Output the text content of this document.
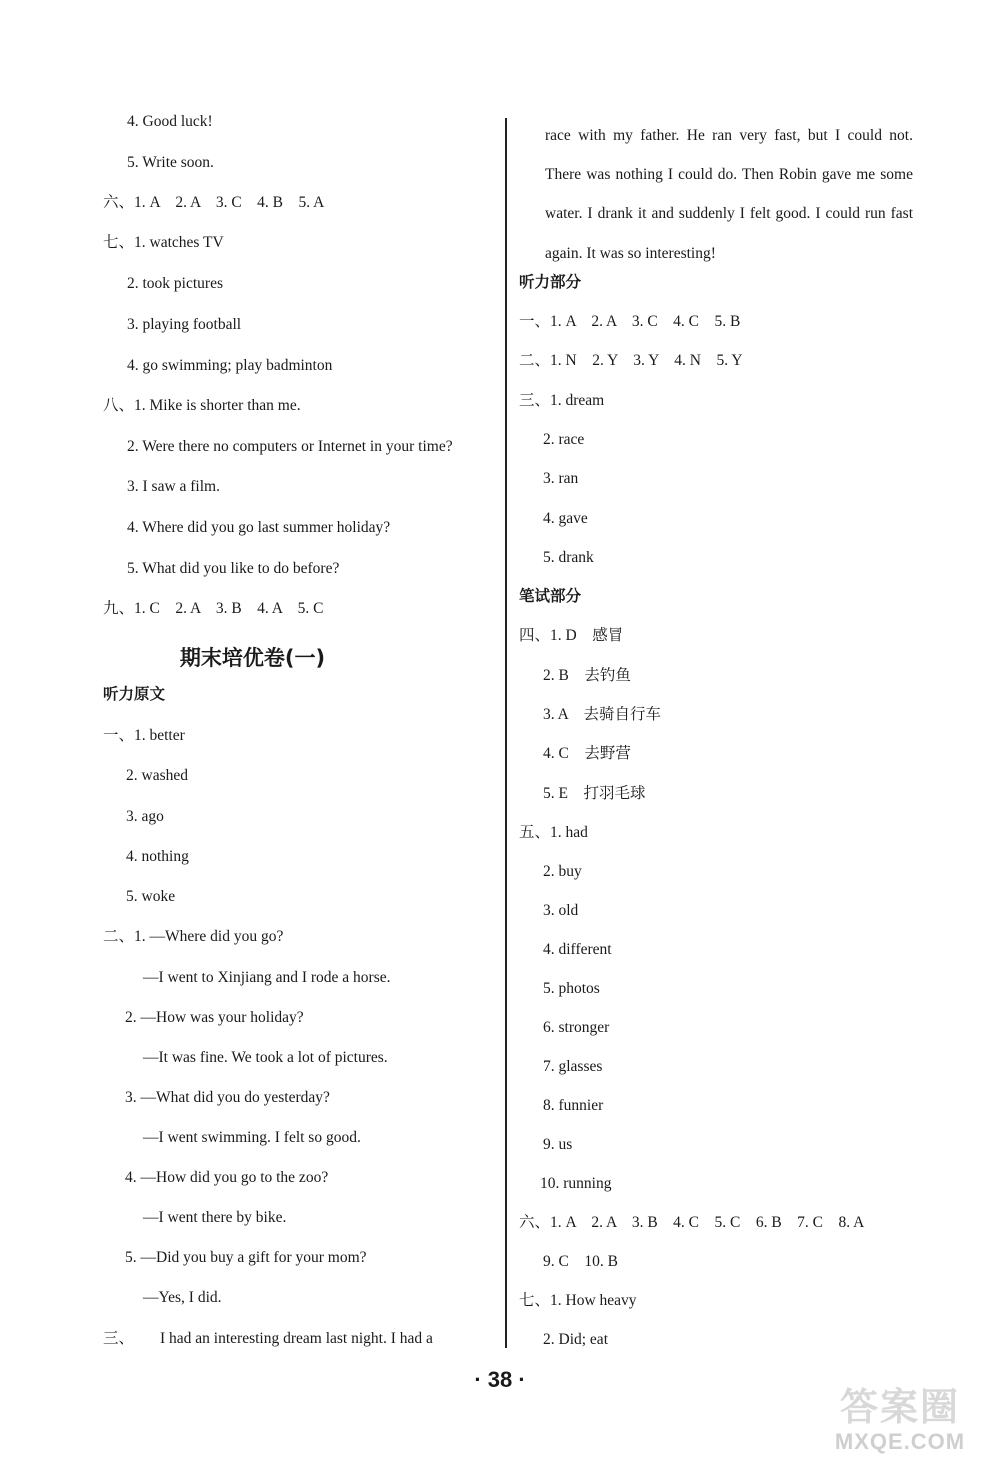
4. Good luck!
5. Write soon.
六、1. A　2. A　3. C　4. B　5. A
七、1. watches TV
2. took pictures
3. playing football
4. go swimming; play badminton
八、1. Mike is shorter than me.
2. Were there no computers or Internet in your time?
3. I saw a film.
4. Where did you go last summer holiday?
5. What did you like to do before?
九、1. C　2. A　3. B　4. A　5. C
听力原文
一、1. better
2. washed
3. ago
4. nothing
5. woke
二、1. —Where did you go?
—I went to Xinjiang and I rode a horse.
2. —How was your holiday?
—It was fine. We took a lot of pictures.
3. —What did you do yesterday?
—I went swimming. I felt so good.
4. —How did you go to the zoo?
—I went there by bike.
5. —Did you buy a gift for your mom?
—Yes, I did.
三、 I had an interesting dream last night. I had a
听力部分
一、1. A　2. A　3. C　4. C　5. B
二、1. N　2. Y　3. Y　4. N　5. Y
三、1. dream
2. race
3. ran
4. gave
5. drank
笔试部分
四、1. D　感冒
2. B　去钓鱼
3. A　去骑自行车
4. C　去野营
5. E　打羽毛球
五、1. had
2. buy
3. old
4. different
5. photos
6. stronger
7. glasses
8. funnier
9. us
10. running
六、1. A　2. A　3. B　4. C　5. C　6. B　7. C　8. A
9. C　10. B
七、1. How heavy
2. Did; eat
期末培优卷(一)
race with my father. He ran very fast, but I could not. There was nothing I could do. Then Robin gave me some water. I drank it and suddenly I felt good. I could run fast again. It was so interesting!
· 38 ·
答案圈
MXQE.COM
